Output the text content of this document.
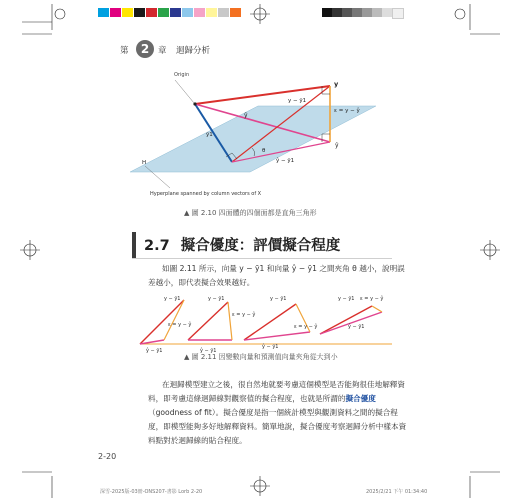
第	2	章 迴歸分析
Origin
y
y − ȳ1
ε = y − ŷ
ŷ
ȳ1
θ
ŷ − ȳ1
ŷ
H
Hyperplane spanned by column vectors of X
▲ 圖 2.10 四面體的四個面都是直角三角形
2.7 擬合優度：評價擬合程度
如圖 2.11 所示，向量 y − ȳ1 和向量 ŷ − ȳ1 之間夾角 θ 越小，說明誤差越小，即代表擬合效果越好。
y − ȳ1
ŷ − ȳ1
ε = y − ŷ
y − ȳ1
ε = y − ŷ
ŷ − ȳ1
y − ȳ1
ε = y − ŷ
ŷ − ȳ1
y − ȳ1 ε = y − ŷ
ŷ − ȳ1
▲ 圖 2.11 因變數向量和預測值向量夾角從大到小
在迴歸模型建立之後，很自然地就要考慮這個模型是否能夠很佳地解釋資料，即考慮這條迴歸線對觀察值的擬合程度，也就是所謂的擬合優度（goodness of fit）。擬合優度是指一個統計模型與觀測資料之間的擬合程度，即模型能夠多好地解釋資料。簡單地說，擬合優度考察迴歸分析中樣本資料點對於迴歸線的貼合程度。
2-20
深雪-2025版-03冊-ONS207-書影 Lorb 2-20	2025/2/21 下午 01:34:40
